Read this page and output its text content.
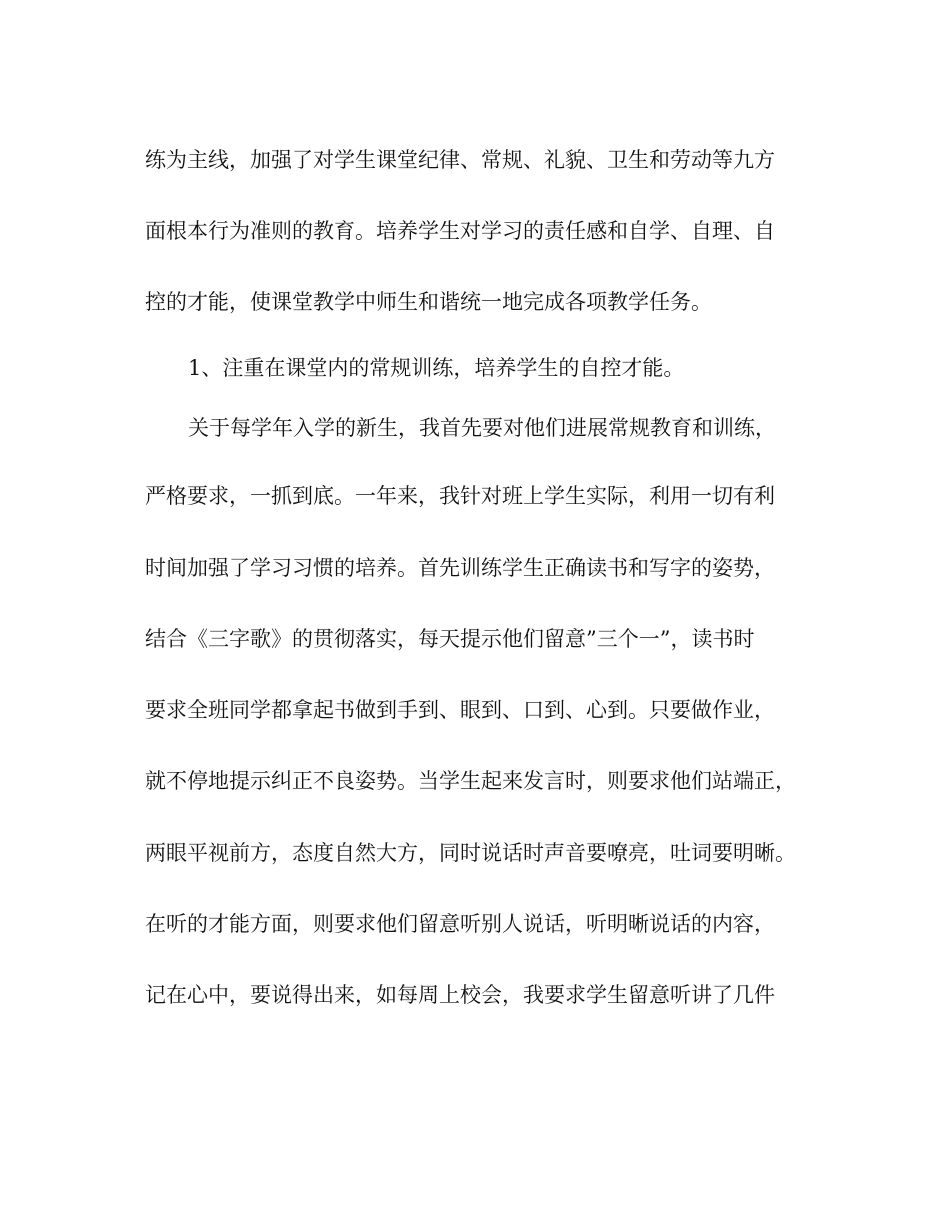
练为主线，加强了对学生课堂纪律、常规、礼貌、卫生和劳动等九方
面根本行为准则的教育。培养学生对学习的责任感和自学、自理、自
控的才能，使课堂教学中师生和谐统一地完成各项教学任务。
1、注重在课堂内的常规训练，培养学生的自控才能。
关于每学年入学的新生，我首先要对他们进展常规教育和训练，
严格要求，一抓到底。一年来，我针对班上学生实际，利用一切有利
时间加强了学习习惯的培养。首先训练学生正确读书和写字的姿势，
结合《三字歌》的贯彻落实，每天提示他们留意”三个一”，读书时
要求全班同学都拿起书做到手到、眼到、口到、心到。只要做作业，
就不停地提示纠正不良姿势。当学生起来发言时，则要求他们站端正，
两眼平视前方，态度自然大方，同时说话时声音要嘹亮，吐词要明晰。
在听的才能方面，则要求他们留意听别人说话，听明晰说话的内容，
记在心中，要说得出来，如每周上校会，我要求学生留意听讲了几件
